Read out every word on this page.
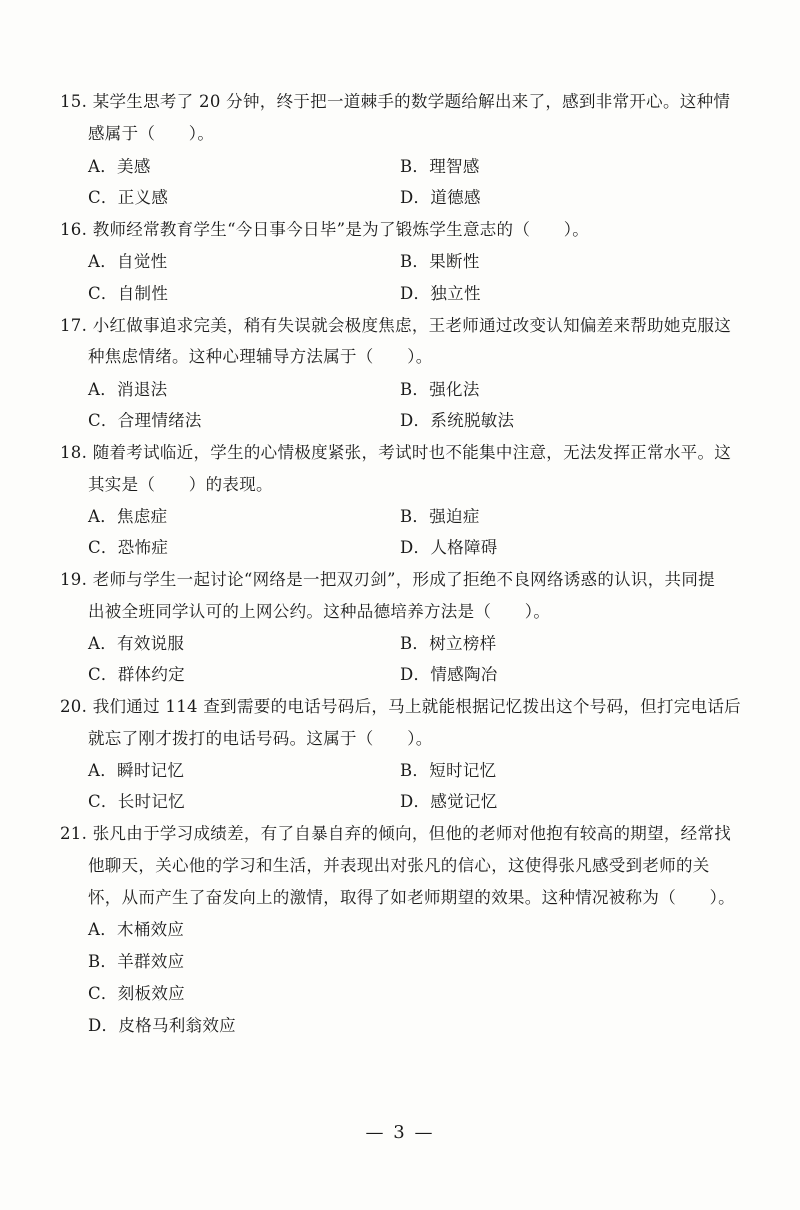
15. 某学生思考了 20 分钟，终于把一道棘手的数学题给解出来了，感到非常开心。这种情
感属于（　　）。
A．美感	B．理智感
C．正义感	D．道德感
16. 教师经常教育学生“今日事今日毕”是为了锻炼学生意志的（　　）。
A．自觉性	B．果断性
C．自制性	D．独立性
17. 小红做事追求完美，稍有失误就会极度焦虑，王老师通过改变认知偏差来帮助她克服这
种焦虑情绪。这种心理辅导方法属于（　　）。
A．消退法	B．强化法
C．合理情绪法	D．系统脱敏法
18. 随着考试临近，学生的心情极度紧张，考试时也不能集中注意，无法发挥正常水平。这
其实是（　　）的表现。
A．焦虑症	B．强迫症
C．恐怖症	D．人格障碍
19. 老师与学生一起讨论“网络是一把双刃剑”，形成了拒绝不良网络诱惑的认识，共同提
出被全班同学认可的上网公约。这种品德培养方法是（　　）。
A．有效说服	B．树立榜样
C．群体约定	D．情感陶冶
20. 我们通过 114 查到需要的电话号码后，马上就能根据记忆拨出这个号码，但打完电话后
就忘了刚才拨打的电话号码。这属于（　　）。
A．瞬时记忆	B．短时记忆
C．长时记忆	D．感觉记忆
21. 张凡由于学习成绩差，有了自暴自弃的倾向，但他的老师对他抱有较高的期望，经常找
他聊天，关心他的学习和生活，并表现出对张凡的信心，这使得张凡感受到老师的关
怀，从而产生了奋发向上的激情，取得了如老师期望的效果。这种情况被称为（　　）。
A．木桶效应
B．羊群效应
C．刻板效应
D．皮格马利翁效应
— 3 —
